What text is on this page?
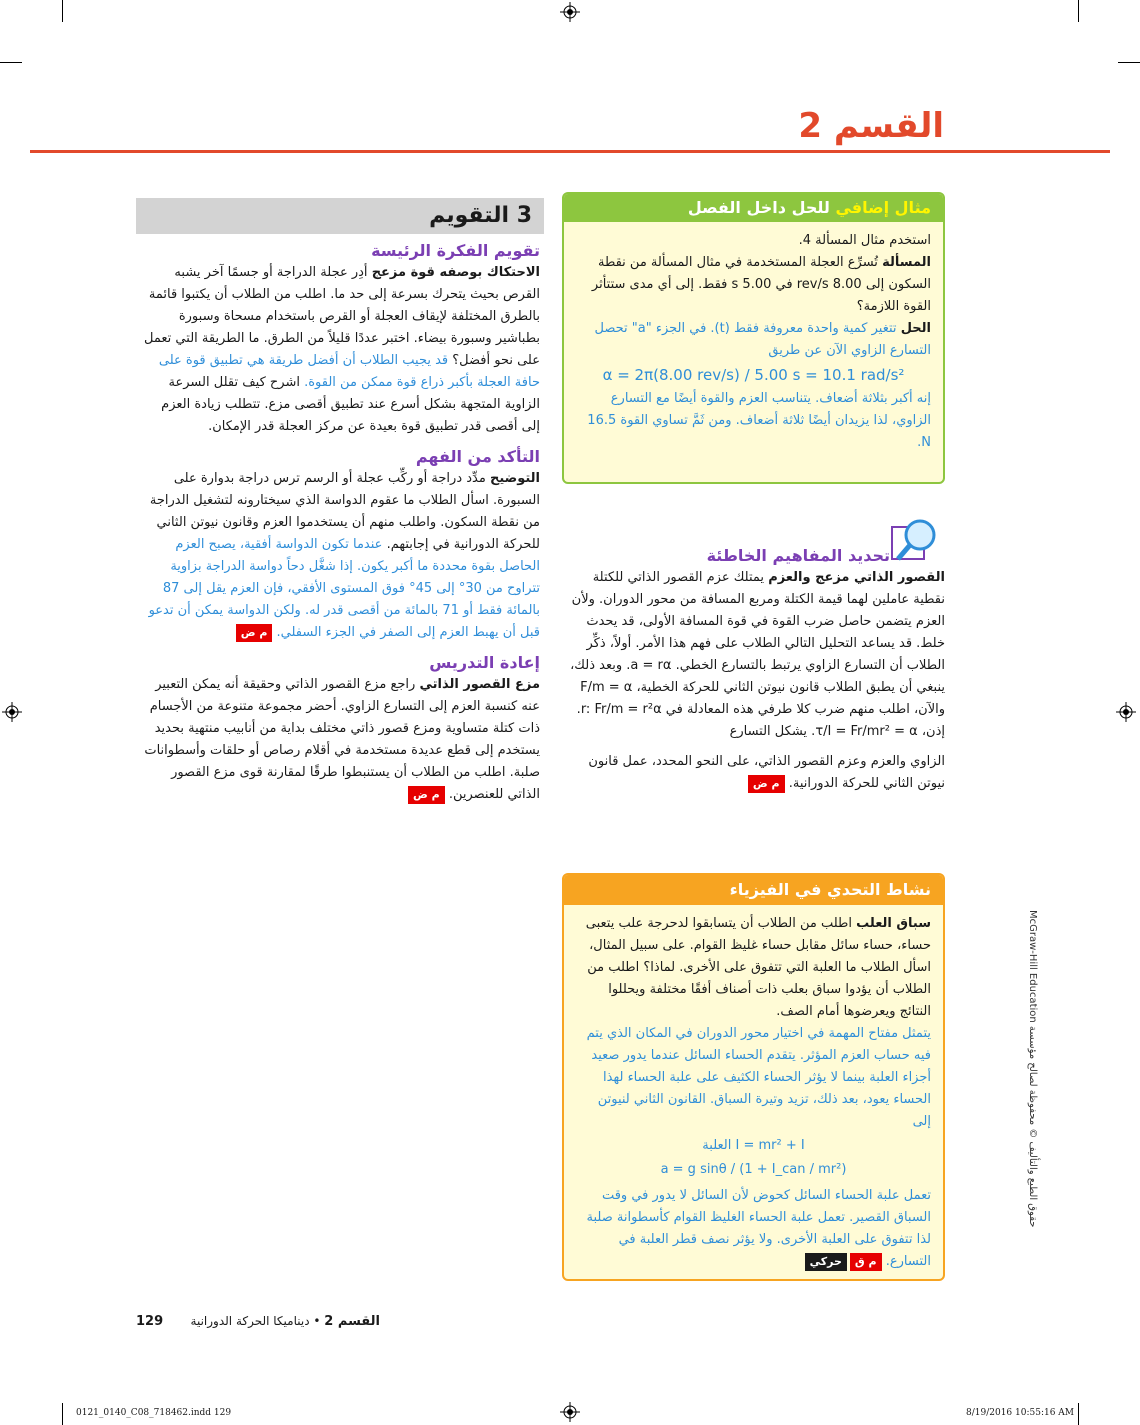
القسم 2
مثال إضافي للحل داخل الفصل
استخدم مثال المسألة 4.
المسألة تُسرِّع العجلة المستخدمة في مثال المسألة من نقطة السكون إلى 8.00 rev/s في 5.00 s فقط. إلى أي مدى ستتأثر القوة اللازمة؟
الحل تتغير كمية واحدة معروفة فقط (t). في الجزء "a" تحصل التسارع الزاوي الآن عن طريق
α = 2π(8.00 rev/s) / 5.00 s = 10.1 rad/s²
إنه أكبر بثلاثة أضعاف. يتناسب العزم والقوة أيضًا مع التسارع الزاوي، لذا يزيدان أيضًا ثلاثة أضعاف. ومن ثَمَّ تساوي القوة 16.5 N.
تحديد المفاهيم الخاطئة
القصور الذاتي مزعج والعزم يمتلك عزم القصور الذاتي للكتلة نقطية عاملين لهما قيمة الكتلة ومربع المسافة من محور الدوران. ولأن العزم يتضمن حاصل ضرب القوة في قوة المسافة الأولى، قد يحدث خلط. قد يساعد التحليل التالي الطلاب على فهم هذا الأمر. أولاً، ذكِّر الطلاب أن التسارع الزاوي يرتبط بالتسارع الخطي. a = rα. وبعد ذلك، ينبغي أن يطبق الطلاب قانون نيوتن الثاني للحركة الخطية، F/m = α والآن، اطلب منهم ضرب كلا طرفي هذه المعادلة في r: Fr/m = r²α. إذن، τ/I = Fr/mr² = α. يشكل التسارع
الزاوي والعزم وعزم القصور الذاتي، على النحو المحدد، عمل قانون نيوتن الثاني للحركة الدورانية. م ض
نشاط التحدي في الفيزياء
سباق العلب اطلب من الطلاب أن يتسابقوا لدحرجة علب يتعبى حساء، حساء سائل مقابل حساء غليظ القوام. على سبيل المثال، اسأل الطلاب ما العلبة التي تتفوق على الأخرى. لماذا؟ اطلب من الطلاب أن يؤدوا سباق بعلب ذات أصناف أفقًا مختلفة ويحللوا النتائج ويعرضوها أمام الصف.
يتمثل مفتاح المهمة في اختيار محور الدوران في المكان الذي يتم فيه حساب العزم المؤثر. يتقدم الحساء السائل عندما يدور صعيد أجزاء العلبة بينما لا يؤثر الحساء الكثيف على علبة الحساء لهذا الحساء يعود، بعد ذلك، تزيد وتيرة السباق. القانون الثاني لنيوتن إلى
I = mr² + I العلبة
a = g sinθ / (1 + I_can / mr²)
تعمل علبة الحساء السائل كحوض لأن السائل لا يدور في وقت السباق القصير. تعمل علبة الحساء الغليظ القوام كأسطوانة صلبة لذا تتفوق على العلبة الأخرى. ولا يؤثر نصف قطر العلبة في التسارع. م قحركي
3 التقويم
تقويم الفكرة الرئيسة
الاحتكاك بوصفه قوة مزعج أدِر عجلة الدراجة أو جسمًا آخر يشبه القرص بحيث يتحرك بسرعة إلى حد ما. اطلب من الطلاب أن يكتبوا قائمة بالطرق المختلفة لإيقاف العجلة أو القرص باستخدام مسحاة وسبورة بطباشير وسبورة بيضاء. اختبر عددًا قليلاً من الطرق. ما الطريقة التي تعمل على نحو أفضل؟ قد يجيب الطلاب أن أفضل طريقة هي تطبيق قوة على حافة العجلة بأكبر ذراع قوة ممكن من القوة. اشرح كيف تقلل السرعة الزاوية المتجهة بشكل أسرع عند تطبيق أقصى مزع. تتطلب زيادة العزم إلى أقصى قدر تطبيق قوة بعيدة عن مركز العجلة قدر الإمكان.
التأكد من الفهم
التوضيح مدِّد دراجة أو ركِّب عجلة أو الرسم ترس دراجة بدوارة على السبورة. اسأل الطلاب ما عقوم الدواسة الذي سيختارونه لتشغيل الدراجة من نقطة السكون. واطلب منهم أن يستخدموا العزم وقانون نيوتن الثاني للحركة الدورانية في إجابتهم. عندما تكون الدواسة أفقية، يصبح العزم الحاصل بقوة محددة ما أكبر يكون. إذا شغَّل دحاً دواسة الدراجة بزاوية تتراوح من 30° إلى 45° فوق المستوى الأفقي، فإن العزم يقل إلى 87 بالمائة فقط أو 71 بالمائة من أقصى قدر له. ولكن الدواسة يمكن أن تدعو قبل أن يهبط العزم إلى الصفر في الجزء السفلي. م ض
إعادة التدريس
مزع القصور الذاتي راجع مزع القصور الذاتي وحقيقة أنه يمكن التعبير عنه كنسبة العزم إلى التسارع الزاوي. أحضر مجموعة متنوعة من الأجسام ذات كتلة متساوية ومزع قصور ذاتي مختلف بداية من أنابيب منتهية بحديد يستخدم إلى قطع عديدة مستخدمة في أقلام رصاص أو حلقات وأسطوانات صلبة. اطلب من الطلاب أن يستنبطوا طرقًا لمقارنة قوى مزع القصور الذاتي للعنصرين. م ض
حقوق الطبع والتأليف © محفوظة لصالح مؤسسة McGraw-Hill Education
القسم 2 • ديناميكا الحركة الدورانية
129
0121_0140_C08_718462.indd 129	8/19/2016 10:55:16 AM
